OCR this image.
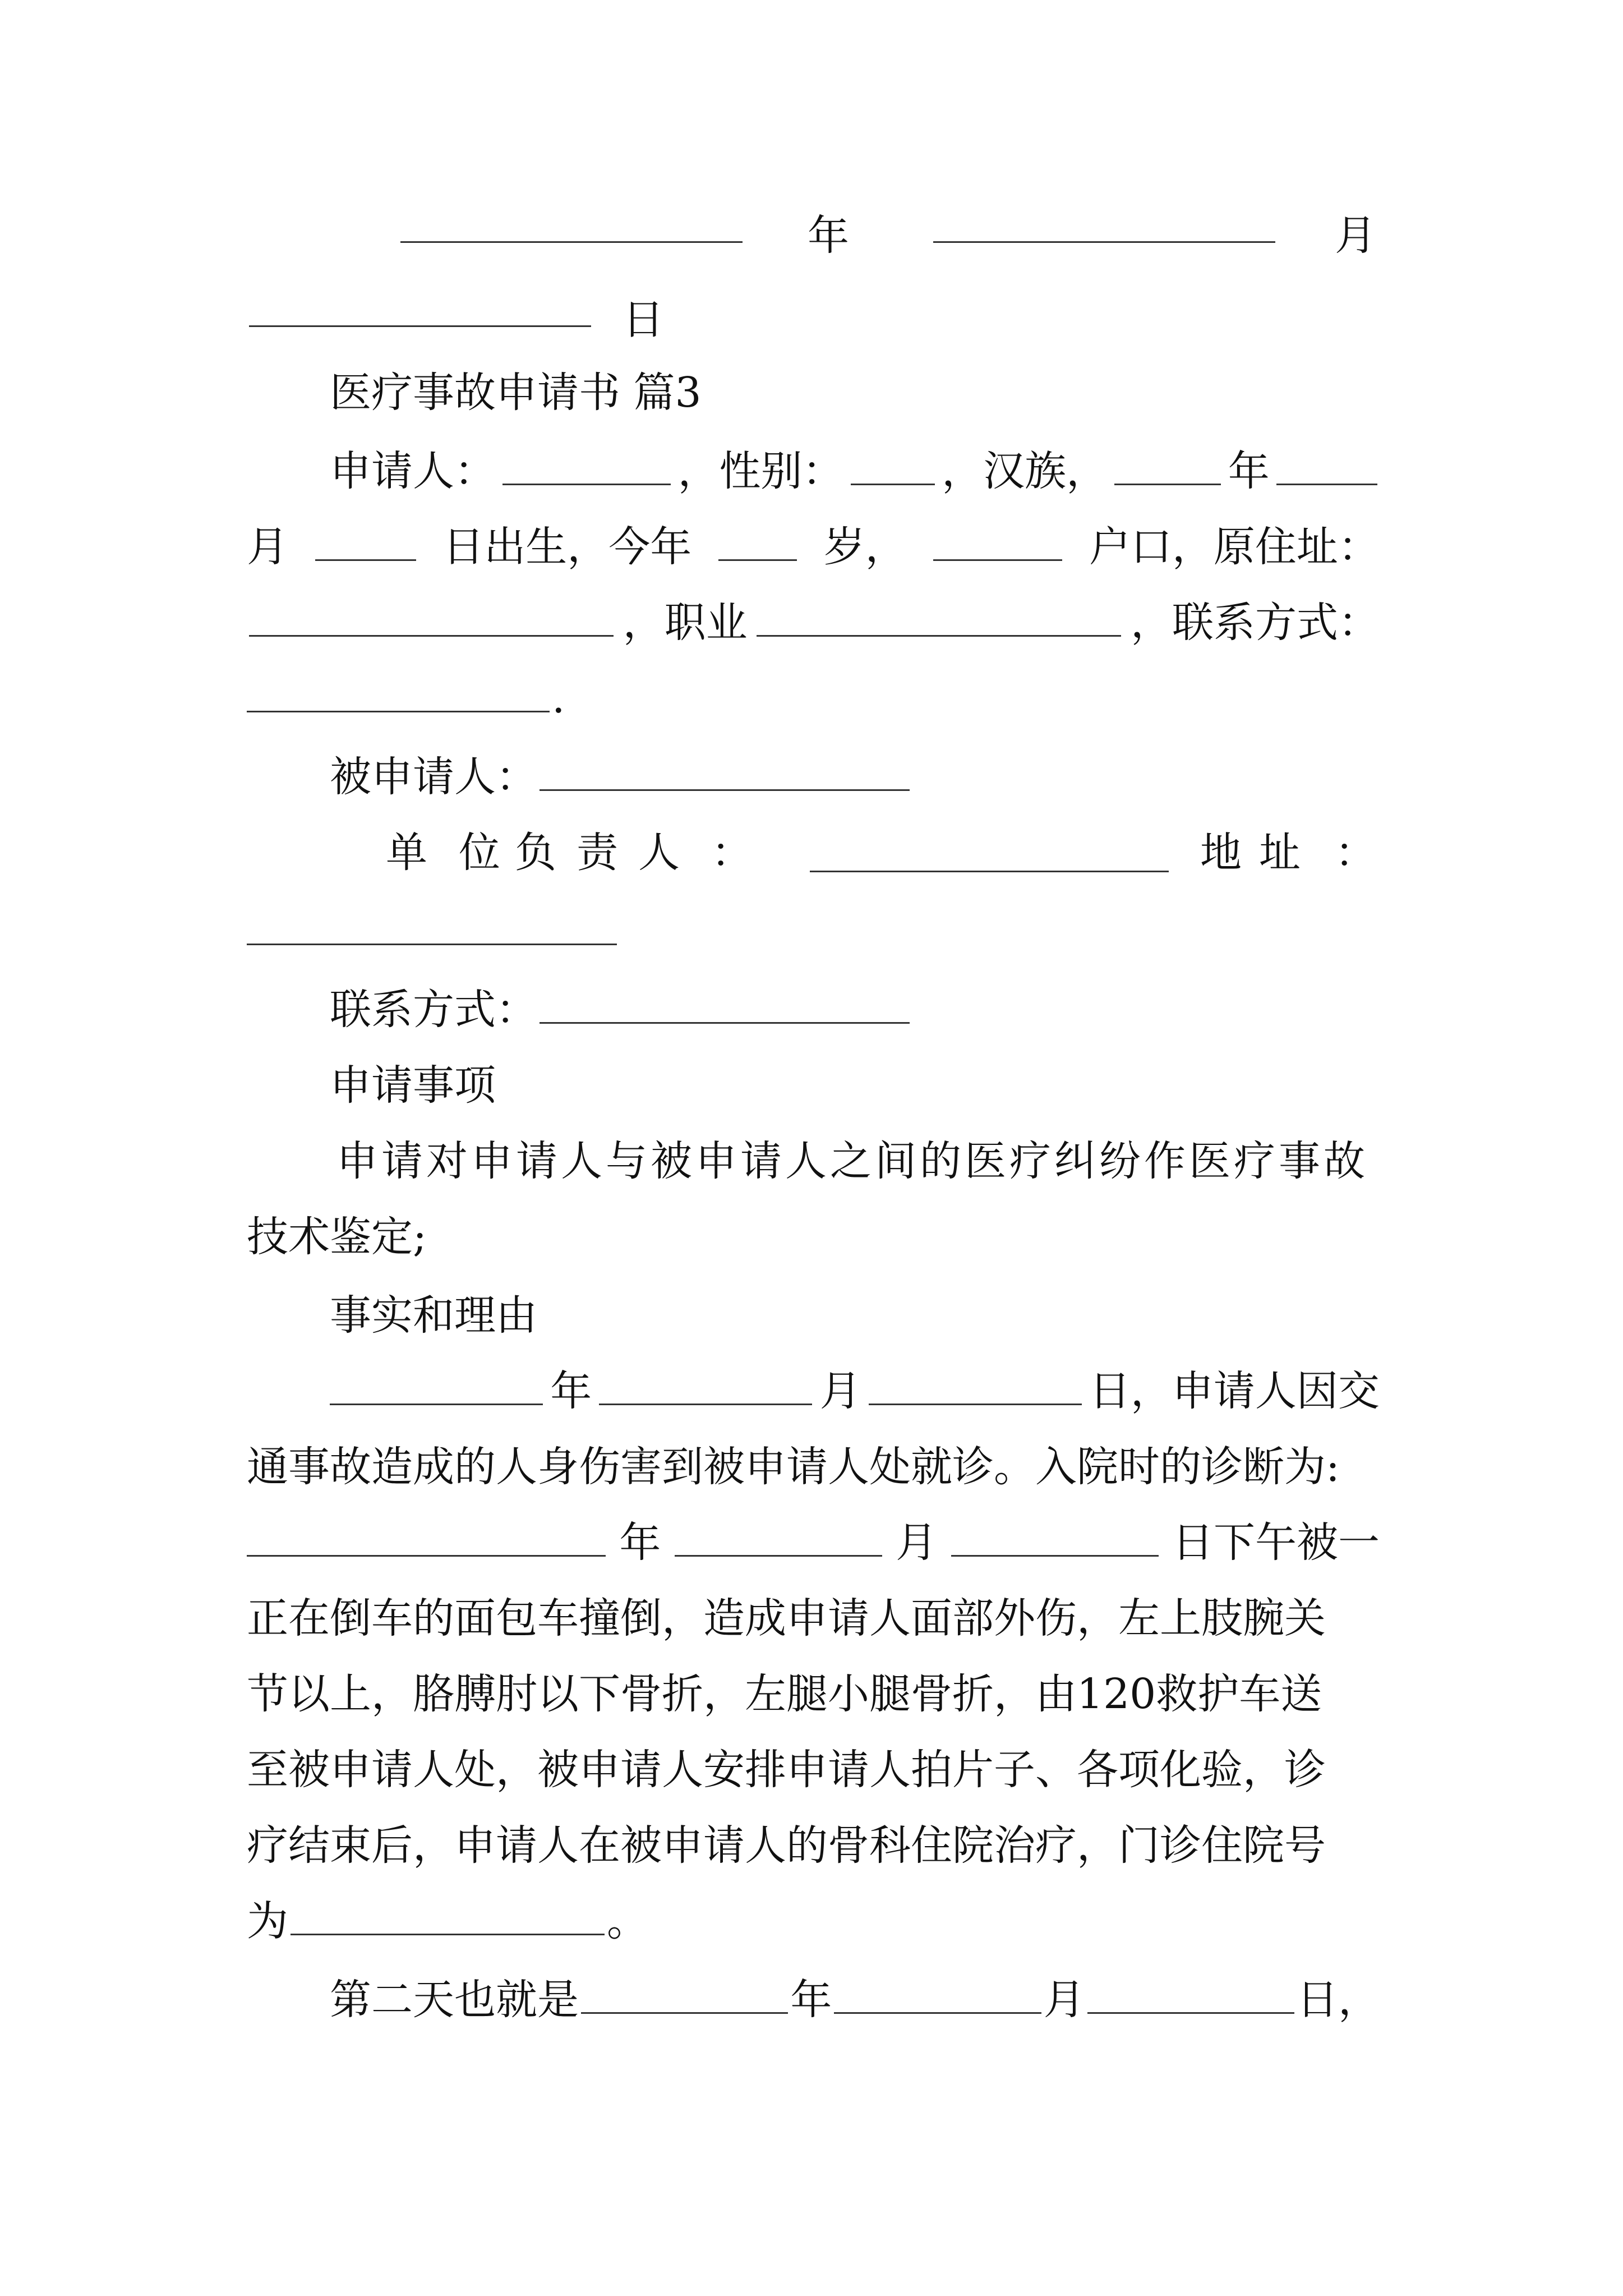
年	月
日
医疗事故申请书 篇3
申请人：	，性别： ，汉族，	年
月	日出生，今年	岁，	户口，原住址：
，职业	，联系方式：
.
被申请人：
单 位 负 责 人 ：	地 址 ：
联系方式：
申请事项
申请对申请人与被申请人之间的医疗纠纷作医疗事故
技术鉴定;
事实和理由
年	月	日，申请人因交
通事故造成的人身伤害到被申请人处就诊。入院时的诊断为:
年	月	日下午被一
正在倒车的面包车撞倒，造成申请人面部外伤，左上肢腕关
节以上，胳膊肘以下骨折，左腿小腿骨折，由120救护车送
至被申请人处，被申请人安排申请人拍片子、各项化验，诊
疗结束后，申请人在被申请人的骨科住院治疗，门诊住院号
为	。
第二天也就是	年	月	日，
